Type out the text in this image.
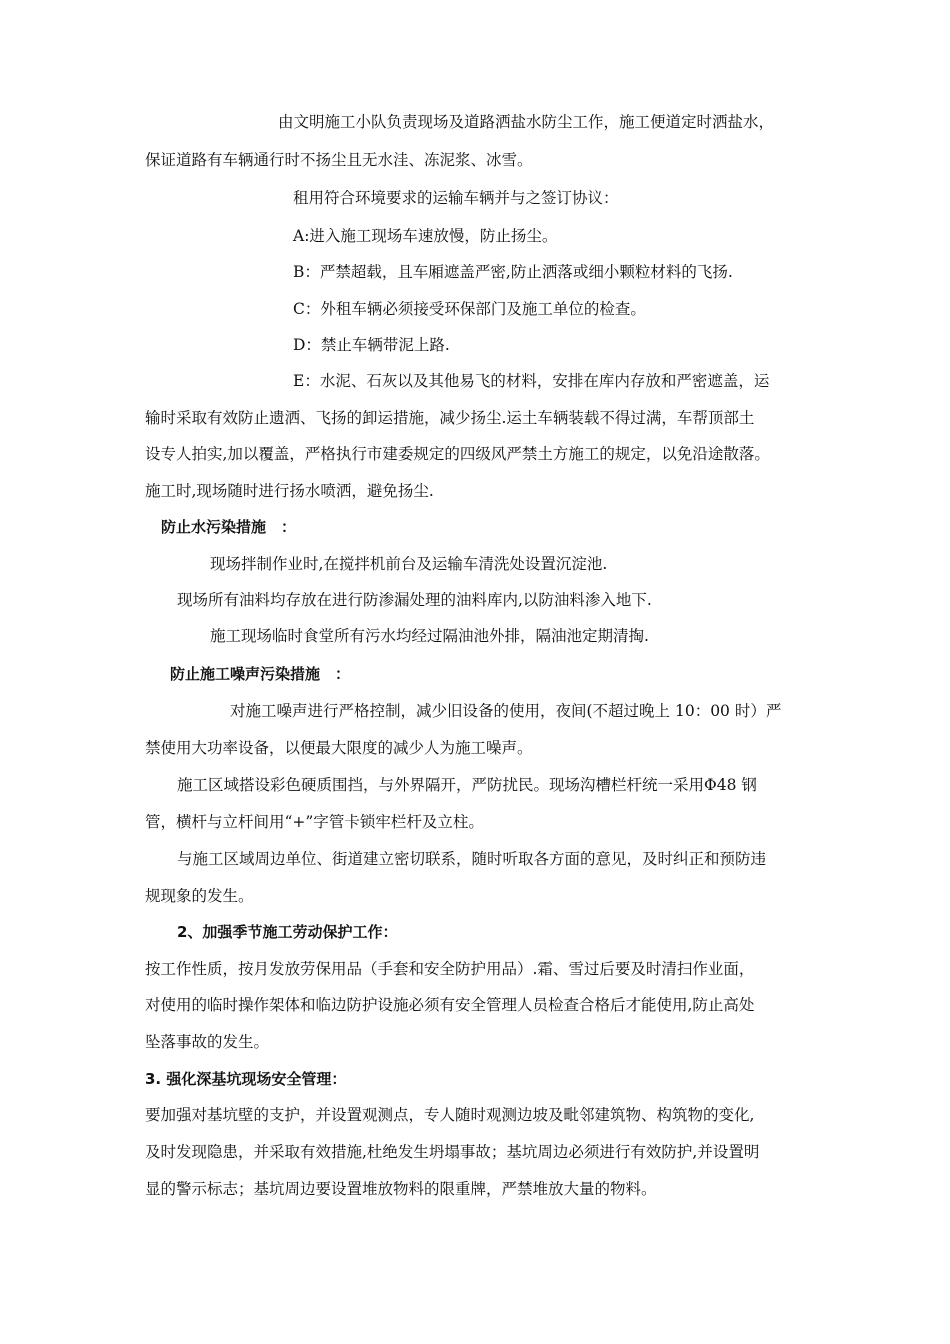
由文明施工小队负责现场及道路洒盐水防尘工作，施工便道定时洒盐水，
保证道路有车辆通行时不扬尘且无水洼、冻泥浆、冰雪。
租用符合环境要求的运输车辆并与之签订协议：
A:进入施工现场车速放慢，防止扬尘。
B：严禁超载，且车厢遮盖严密,防止洒落或细小颗粒材料的飞扬.
C：外租车辆必须接受环保部门及施工单位的检查。
D：禁止车辆带泥上路.
E：水泥、石灰以及其他易飞的材料，安排在库内存放和严密遮盖，运
输时采取有效防止遗洒、飞扬的卸运措施，减少扬尘.运土车辆装载不得过满，车帮顶部土
设专人拍实,加以覆盖，严格执行市建委规定的四级风严禁土方施工的规定，以免沿途散落。
施工时,现场随时进行扬水喷洒，避免扬尘.
防止水污染措施　：
现场拌制作业时,在搅拌机前台及运输车清洗处设置沉淀池.
现场所有油料均存放在进行防渗漏处理的油料库内,以防油料渗入地下.
施工现场临时食堂所有污水均经过隔油池外排，隔油池定期清掏.
防止施工噪声污染措施　：
对施工噪声进行严格控制，减少旧设备的使用，夜间(不超过晚上 10：00 时）严
禁使用大功率设备，以便最大限度的减少人为施工噪声。
施工区域搭设彩色硬质围挡，与外界隔开，严防扰民。现场沟槽栏杆统一采用Φ48 钢
管，横杆与立杆间用“+”字管卡锁牢栏杆及立柱。
与施工区域周边单位、街道建立密切联系，随时听取各方面的意见，及时纠正和预防违
规现象的发生。
2、加强季节施工劳动保护工作：
按工作性质，按月发放劳保用品（手套和安全防护用品）.霜、雪过后要及时清扫作业面，
对使用的临时操作架体和临边防护设施必须有安全管理人员检查合格后才能使用,防止高处
坠落事故的发生。
3. 强化深基坑现场安全管理：
要加强对基坑壁的支护，并设置观测点，专人随时观测边坡及毗邻建筑物、构筑物的变化,
及时发现隐患，并采取有效措施,杜绝发生坍塌事故；基坑周边必须进行有效防护,并设置明
显的警示标志；基坑周边要设置堆放物料的限重牌，严禁堆放大量的物料。
